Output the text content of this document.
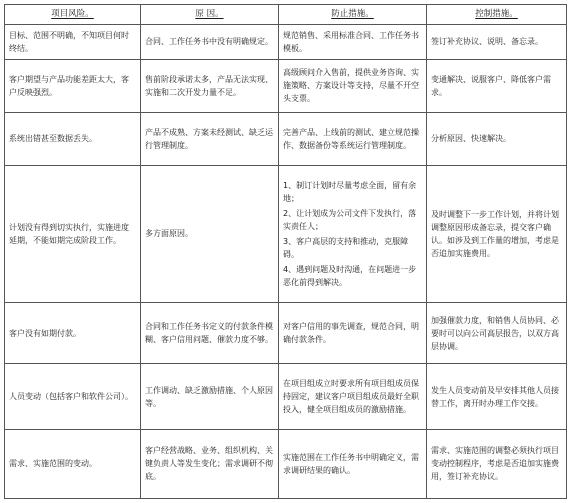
项目风险。	原 因。	防止措施。	控制措施。
目标、范围不明确，不知项目何时终结。	合同、工作任务书中没有明确规定。	规范销售、采用标准合同、工作任务书模板。	签订补充协议、说明、备忘录。
客户期望与产品功能差距太大，客户反映强烈。	售前阶段承诺太多，产品无法实现、实施和二次开发力量不足。	高级顾问介入售前，提供业务咨询、实施策略、方案设计等支持，尽量不开空头支票。	变通解决、说服客户、降低客户需求。
系统出错甚至数据丢失。	产品不成熟、方案未经测试、缺乏运行管理制度。	完善产品、上线前的测试、建立规范操作、数据备份等系统运行管理制度。	分析原因、快速解决。
计划没有得到切实执行，实施进度延期，不能如期完成阶段工作。	多方面原因。	1、制订计划时尽量考虑全面，留有余地；
2、让计划成为公司文件下发执行，落实责任人；
3、客户高层的支持和推动，克服障碍。
4、遇到问题及时沟通，在问题进一步恶化前得到解决。	及时调整下一步工作计划，并将计划调整原因形成备忘录，提交客户确认。如涉及到工作量的增加，考虑是否追加实施费用。
客户没有如期付款。	合同和工作任务书定义的付款条件模糊、客户信用问题、催款力度不够。	对客户信用的事先调查，规范合同，明确付款条件。	加强催款力度，和销售人员协同、必要时可以向公司高层报告，以双方高层协调。
人员变动（包括客户和软件公司）。	工作调动、缺乏激励措施、个人原因等。	在项目组成立时要求所有项目组成员保持固定，建议客户项目组成员最好全职投入，健全项目组成员的激励措施。	发生人员变动前及早安排其他人员接替工作，离开时办理工作交接。
需求、实施范围的变动。	客户经营战略、业务、组织机构、关键负责人等发生变化；需求调研不彻底。	实施范围在工作任务书中明确定义，需求调研结果的确认。	需求、实施范围的调整必须执行项目变动控制程序，考虑是否追加实施费用，签订补充协议。
